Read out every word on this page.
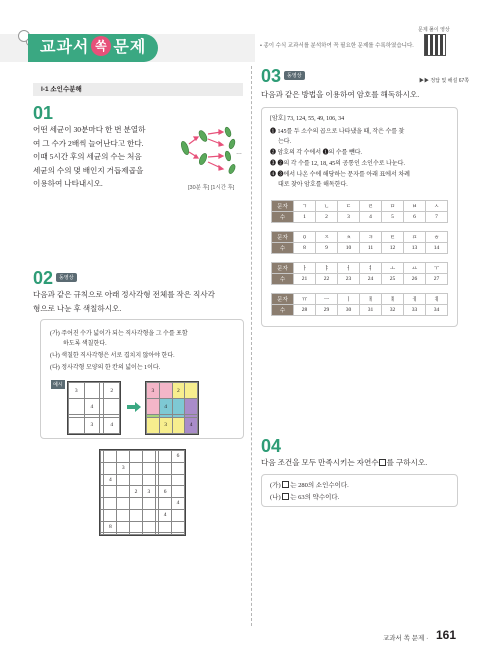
교과서 쏙 문제	• 종이 수식 교과서를 분석하여 꼭 필요한 문제를 수록하였습니다.
문제 풀이 영상
▶▶ 정답 및 해설 67쪽
I-1 소인수분해
01
어떤 세균이 30분마다 한 번 분열하
여 그 수가 2배씩 늘어난다고 한다.
이때 5시간 후의 세균의 수는 처음
세균의 수의 몇 배인지 거듭제곱을
이용하여 나타내시오.
…
[30분 후] [1시간 후]
02 동영상
다음과 같은 규칙으로 아래 정사각형 전체를 작은 직사각
형으로 나눈 후 색칠하시오.
(가) 주어진 수가 넓이가 되는 직사각형을 그 수를 포함
하도록 색칠한다.
(나) 색칠한 직사각형은 서로 겹치지 않아야 한다.
(다) 정사각형 모양의 한 칸의 넓이는 1이다.
예시
3			2
	4		

	3		4
3		2	
	4		

	3		4
							6
		3					
	4						
			2	3		6	
							4
						4	
	8						

03 동영상
다음과 같은 방법을 이용하여 암호를 해독하시오.
[암호] 73, 124, 55, 49, 106, 34
❶ 145를 두 소수의 곱으로 나타냈을 때, 작은 수를 찾
는다.
❷ 암호의 각 수에서 ❶의 수를 뺀다.
❸ ❷의 각 수를 12, 18, 45의 공통인 소인수로 나눈다.
❹ ❸에서 나온 수에 해당하는 문자를 아래 표에서 차례
대로 찾아 암호를 해독한다.
문자	ㄱ	ㄴ	ㄷ	ㄹ	ㅁ	ㅂ	ㅅ
수	1	2	3	4	5	6	7
문자	ㅇ	ㅈ	ㅊ	ㅋ	ㅌ	ㅍ	ㅎ
수	8	9	10	11	12	13	14
문자	ㅏ	ㅑ	ㅓ	ㅕ	ㅗ	ㅛ	ㅜ
수	21	22	23	24	25	26	27
문자	ㅠ	ㅡ	ㅣ	ㅐ	ㅒ	ㅔ	ㅖ
수	28	29	30	31	32	33	34
04
다음 조건을 모두 만족시키는 자연수 를 구하시오.
(가) 는 280의 소인수이다.
(나) 는 63의 약수이다.
교과서 쏙 문제 · 161
